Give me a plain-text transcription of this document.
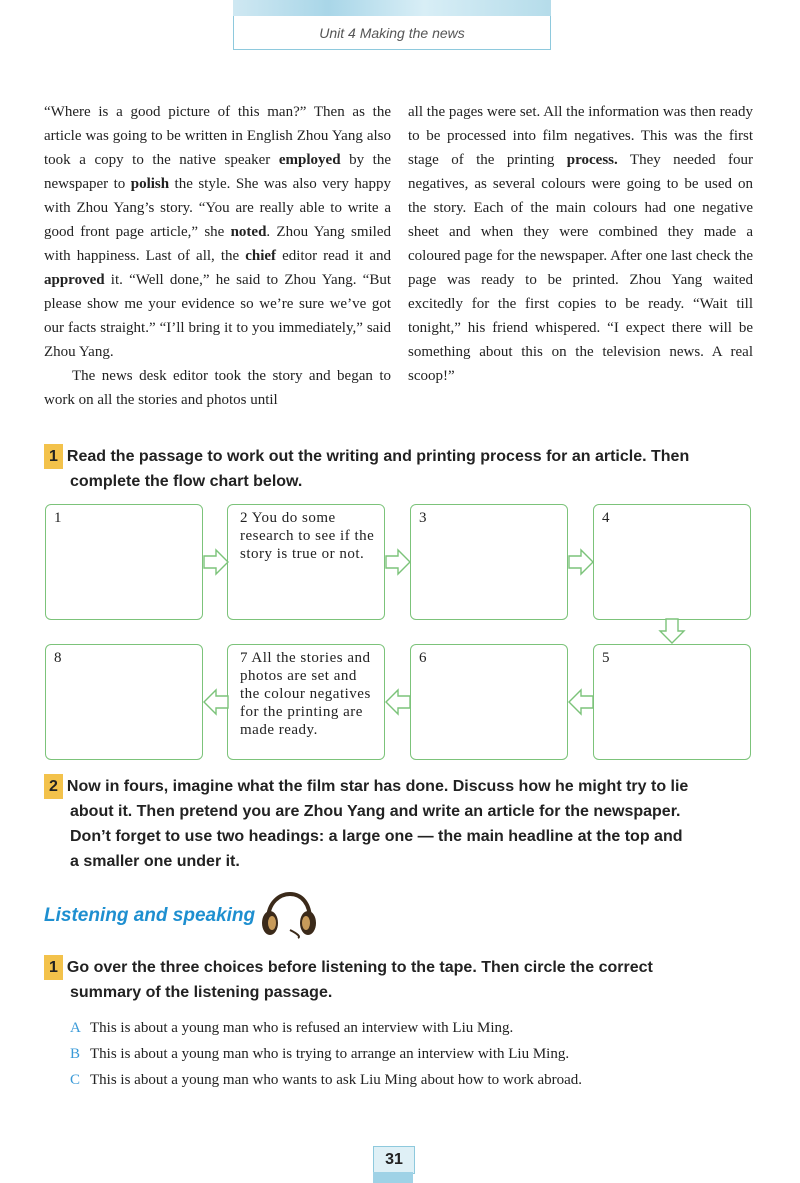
Unit 4 Making the news

“Where is a good picture of this man?” Then as the article was going to be written in English Zhou Yang also took a copy to the native speaker employed by the newspaper to polish the style. She was also very happy with Zhou Yang’s story. “You are really able to write a good front page article,” she noted. Zhou Yang smiled with happiness. Last of all, the chief editor read it and approved it. “Well done,” he said to Zhou Yang. “But please show me your evidence so we’re sure we’ve got our facts straight.” “I’ll bring it to you immediately,” said Zhou Yang.

The news desk editor took the story and began to work on all the stories and photos until

all the pages were set. All the information was then ready to be processed into film negatives. This was the first stage of the printing process. They needed four negatives, as several colours were going to be used on the story. Each of the main colours had one negative sheet and when they were combined they made a coloured page for the newspaper. After one last check the page was ready to be printed. Zhou Yang waited excitedly for the first copies to be ready. “Wait till tonight,” his friend whispered. “I expect there will be something about this on the television news. A real scoop!”

1 Read the passage to work out the writing and printing process for an article. Then
complete the flow chart below.
1	2 You do some research to see if the story is true or not.
3	4
8	7 All the stories and photos are set and the colour negatives for the printing are made ready.
6	5
2 Now in fours, imagine what the film star has done. Discuss how he might try to lie
about it. Then pretend you are Zhou Yang and write an article for the newspaper.
Don’t forget to use two headings: a large one — the main headline at the top and
a smaller one under it.
Listening and speaking
1 Go over the three choices before listening to the tape. Then circle the correct
summary of the listening passage.
A This is about a young man who is refused an interview with Liu Ming.
B This is about a young man who is trying to arrange an interview with Liu Ming.
C This is about a young man who wants to ask Liu Ming about how to work abroad.
31
